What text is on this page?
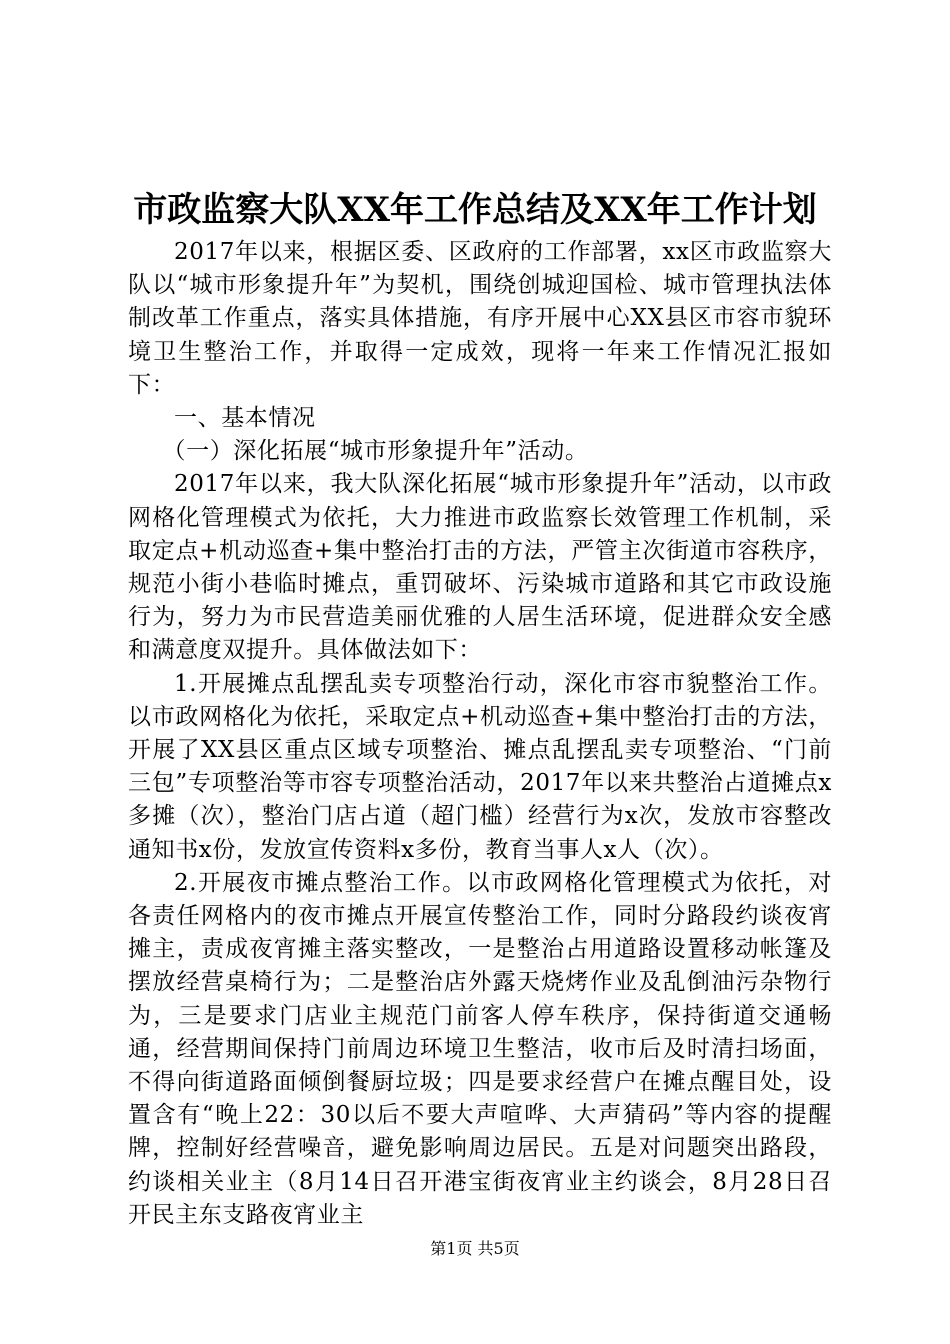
市政监察大队XX年工作总结及XX年工作计划

2017年以来，根据区委、区政府的工作部署，xx区市政监察大队以“城市形象提升年”为契机，围绕创城迎国检、城市管理执法体制改革工作重点，落实具体措施，有序开展中心XX县区市容市貌环境卫生整治工作，并取得一定成效，现将一年来工作情况汇报如下：

一、基本情况

（一）深化拓展“城市形象提升年”活动。

2017年以来，我大队深化拓展“城市形象提升年”活动，以市政网格化管理模式为依托，大力推进市政监察长效管理工作机制，采取定点+机动巡查+集中整治打击的方法，严管主次街道市容秩序，规范小街小巷临时摊点，重罚破坏、污染城市道路和其它市政设施行为，努力为市民营造美丽优雅的人居生活环境，促进群众安全感和满意度双提升。具体做法如下：

1.开展摊点乱摆乱卖专项整治行动，深化市容市貌整治工作。以市政网格化为依托，采取定点+机动巡查+集中整治打击的方法，开展了XX县区重点区域专项整治、摊点乱摆乱卖专项整治、“门前三包”专项整治等市容专项整治活动，2017年以来共整治占道摊点x多摊（次），整治门店占道（超门槛）经营行为x次，发放市容整改通知书x份，发放宣传资料x多份，教育当事人x人（次）。

2.开展夜市摊点整治工作。以市政网格化管理模式为依托，对各责任网格内的夜市摊点开展宣传整治工作，同时分路段约谈夜宵摊主，责成夜宵摊主落实整改，一是整治占用道路设置移动帐篷及摆放经营桌椅行为；二是整治店外露天烧烤作业及乱倒油污杂物行为，三是要求门店业主规范门前客人停车秩序，保持街道交通畅通，经营期间保持门前周边环境卫生整洁，收市后及时清扫场面，不得向街道路面倾倒餐厨垃圾；四是要求经营户在摊点醒目处，设置含有“晚上22：30以后不要大声喧哗、大声猜码”等内容的提醒牌，控制好经营噪音，避免影响周边居民。五是对问题突出路段，约谈相关业主（8月14日召开港宝街夜宵业主约谈会，8月28日召开民主东支路夜宵业主

第1页 共5页
